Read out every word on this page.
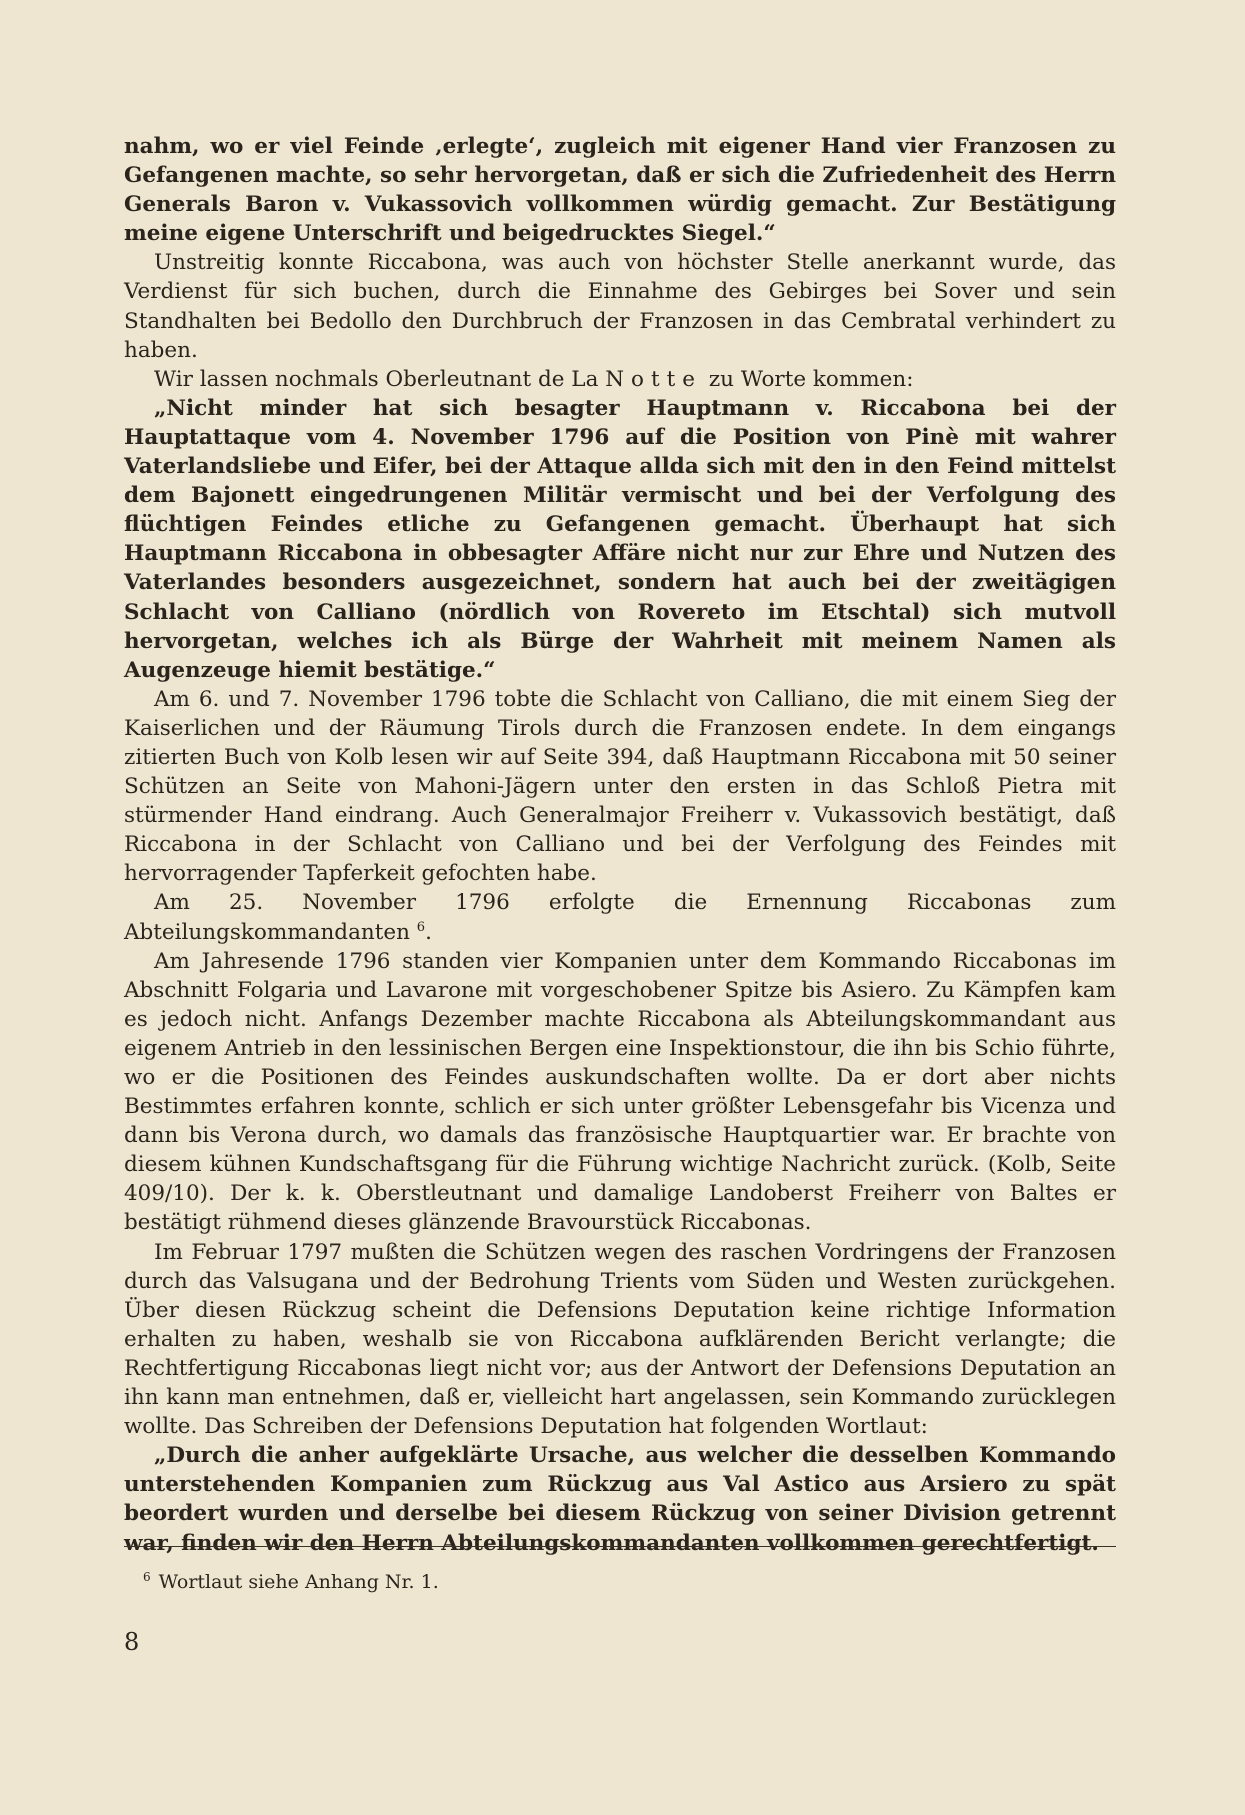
nahm, wo er viel Feinde ‚erlegte‘, zugleich mit eigener Hand vier Franzosen zu Gefangenen machte, so sehr hervorgetan, daß er sich die Zufriedenheit des Herrn Generals Baron v. Vukassovich vollkommen würdig gemacht. Zur Bestätigung meine eigene Unterschrift und beigedrucktes Siegel.“

Unstreitig konnte Riccabona, was auch von höchster Stelle anerkannt wurde, das Verdienst für sich buchen, durch die Einnahme des Gebirges bei Sover und sein Standhalten bei Bedollo den Durchbruch der Franzosen in das Cembratal verhindert zu haben.

Wir lassen nochmals Oberleutnant de La Notte zu Worte kommen:

„Nicht minder hat sich besagter Hauptmann v. Riccabona bei der Hauptattaque vom 4. November 1796 auf die Position von Pinè mit wahrer Vaterlandsliebe und Eifer, bei der Attaque allda sich mit den in den Feind mittelst dem Bajonett eingedrungenen Militär vermischt und bei der Verfolgung des flüchtigen Feindes etliche zu Gefangenen gemacht. Überhaupt hat sich Hauptmann Riccabona in obbesagter Affäre nicht nur zur Ehre und Nutzen des Vaterlandes besonders ausgezeichnet, sondern hat auch bei der zweitägigen Schlacht von Calliano (nördlich von Rovereto im Etschtal) sich mutvoll hervorgetan, welches ich als Bürge der Wahrheit mit meinem Namen als Augenzeuge hiemit bestätige.“

Am 6. und 7. November 1796 tobte die Schlacht von Calliano, die mit einem Sieg der Kaiserlichen und der Räumung Tirols durch die Franzosen endete. In dem eingangs zitierten Buch von Kolb lesen wir auf Seite 394, daß Hauptmann Riccabona mit 50 seiner Schützen an Seite von Mahoni-Jägern unter den ersten in das Schloß Pietra mit stürmender Hand eindrang. Auch Generalmajor Freiherr v. Vukassovich bestätigt, daß Riccabona in der Schlacht von Calliano und bei der Verfolgung des Feindes mit hervorragender Tapferkeit gefochten habe.

Am 25. November 1796 erfolgte die Ernennung Riccabonas zum Abteilungskommandanten $^6$.

Am Jahresende 1796 standen vier Kompanien unter dem Kommando Riccabonas im Abschnitt Folgaria und Lavarone mit vorgeschobener Spitze bis Asiero. Zu Kämpfen kam es jedoch nicht. Anfangs Dezember machte Riccabona als Abteilungskommandant aus eigenem Antrieb in den lessinischen Bergen eine Inspektionstour, die ihn bis Schio führte, wo er die Positionen des Feindes auskundschaften wollte. Da er dort aber nichts Bestimmtes erfahren konnte, schlich er sich unter größter Lebensgefahr bis Vicenza und dann bis Verona durch, wo damals das französische Hauptquartier war. Er brachte von diesem kühnen Kundschaftsgang für die Führung wichtige Nachricht zurück. (Kolb, Seite 409/10). Der k. k. Oberstleutnant und damalige Landoberst Freiherr von Baltes er bestätigt rühmend dieses glänzende Bravourstück Riccabonas.

Im Februar 1797 mußten die Schützen wegen des raschen Vordringens der Franzosen durch das Valsugana und der Bedrohung Trients vom Süden und Westen zurückgehen. Über diesen Rückzug scheint die Defensions Deputation keine richtige Information erhalten zu haben, weshalb sie von Riccabona aufklärenden Bericht verlangte; die Rechtfertigung Riccabonas liegt nicht vor; aus der Antwort der Defensions Deputation an ihn kann man entnehmen, daß er, vielleicht hart angelassen, sein Kommando zurücklegen wollte. Das Schreiben der Defensions Deputation hat folgenden Wortlaut:

„Durch die anher aufgeklärte Ursache, aus welcher die desselben Kommando unterstehenden Kompanien zum Rückzug aus Val Astico aus Arsiero zu spät beordert wurden und derselbe bei diesem Rückzug von seiner Division getrennt war, finden wir den Herrn Abteilungskommandanten vollkommen gerechtfertigt.

$^6$ Wortlaut siehe Anhang Nr. 1.
8
